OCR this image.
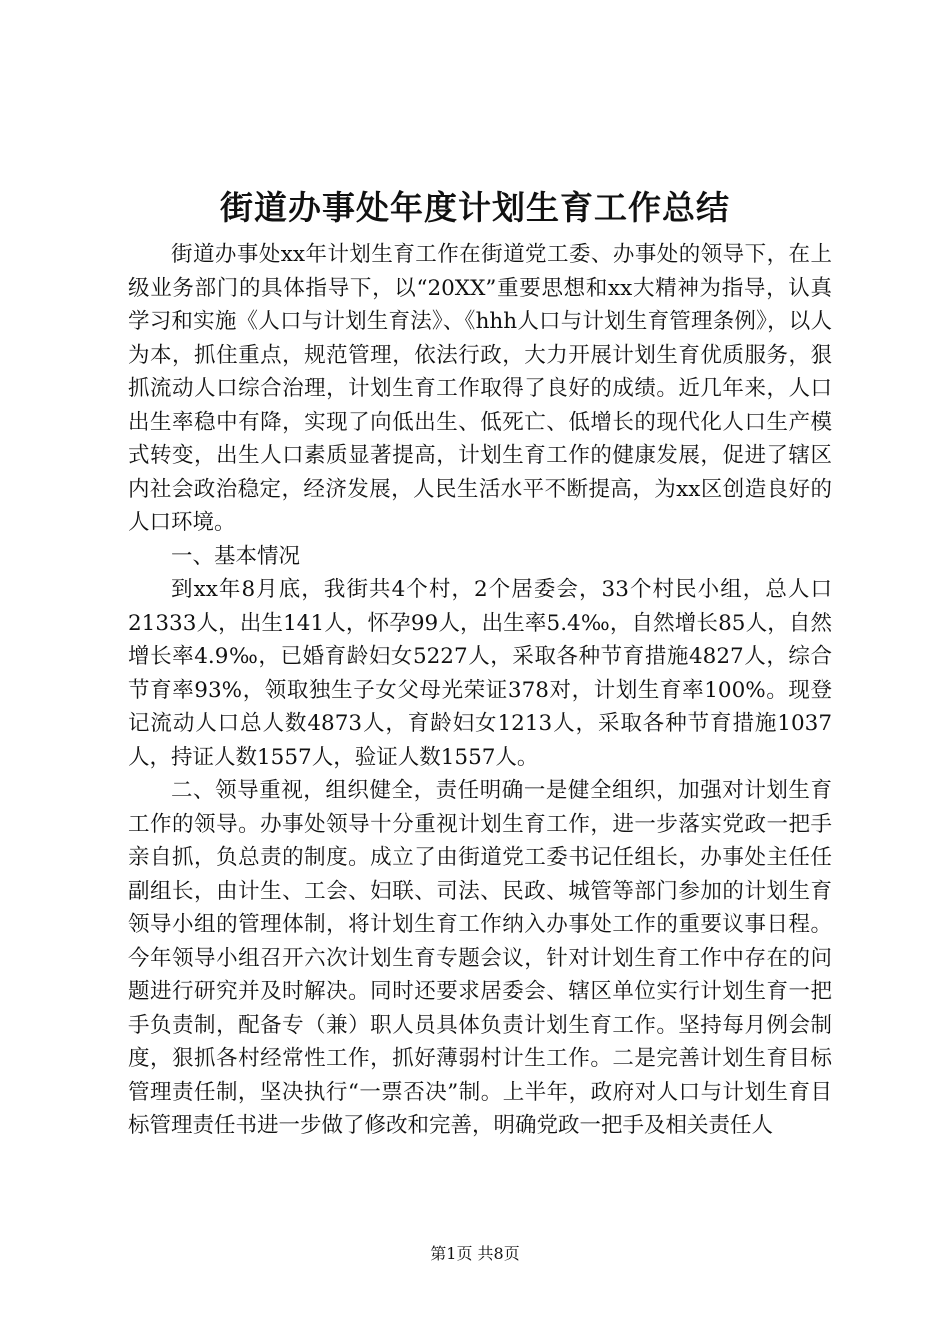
街道办事处年度计划生育工作总结

街道办事处xx年计划生育工作在街道党工委、办事处的领导下，在上级业务部门的具体指导下，以“20XX”重要思想和xx大精神为指导，认真学习和实施《人口与计划生育法》、《hhh人口与计划生育管理条例》，以人为本，抓住重点，规范管理，依法行政，大力开展计划生育优质服务，狠抓流动人口综合治理，计划生育工作取得了良好的成绩。近几年来，人口出生率稳中有降，实现了向低出生、低死亡、低增长的现代化人口生产模式转变，出生人口素质显著提高，计划生育工作的健康发展，促进了辖区内社会政治稳定，经济发展，人民生活水平不断提高，为xx区创造良好的人口环境。

一、基本情况

到xx年8月底，我街共4个村，2个居委会，33个村民小组，总人口21333人，出生141人，怀孕99人，出生率5.4‰，自然增长85人，自然增长率4.9‰，已婚育龄妇女5227人，采取各种节育措施4827人，综合节育率93%，领取独生子女父母光荣证378对，计划生育率100%。现登记流动人口总人数4873人，育龄妇女1213人，采取各种节育措施1037人，持证人数1557人，验证人数1557人。

二、领导重视，组织健全，责任明确一是健全组织，加强对计划生育工作的领导。办事处领导十分重视计划生育工作，进一步落实党政一把手亲自抓，负总责的制度。成立了由街道党工委书记任组长，办事处主任任副组长，由计生、工会、妇联、司法、民政、城管等部门参加的计划生育领导小组的管理体制，将计划生育工作纳入办事处工作的重要议事日程。今年领导小组召开六次计划生育专题会议，针对计划生育工作中存在的问题进行研究并及时解决。同时还要求居委会、辖区单位实行计划生育一把手负责制，配备专（兼）职人员具体负责计划生育工作。坚持每月例会制度，狠抓各村经常性工作，抓好薄弱村计生工作。二是完善计划生育目标管理责任制，坚决执行“一票否决”制。上半年，政府对人口与计划生育目标管理责任书进一步做了修改和完善，明确党政一把手及相关责任人

第1页 共8页
